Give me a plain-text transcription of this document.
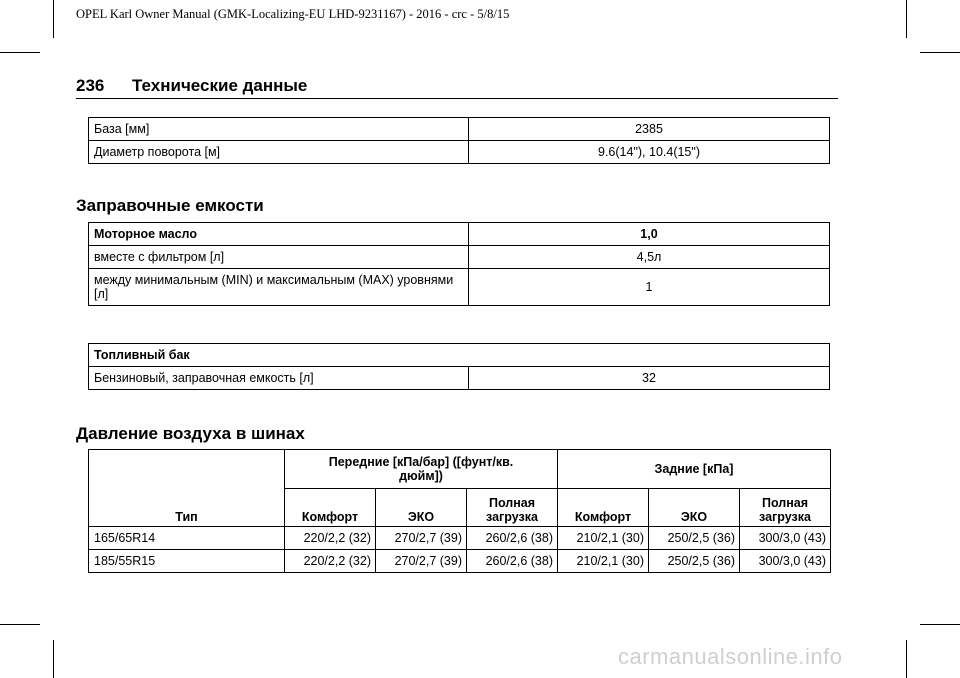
OPEL Karl Owner Manual (GMK-Localizing-EU LHD-9231167) - 2016 - crc - 5/8/15
236 Технические данные
База [мм]	2385
Диаметр поворота [м]	9.6(14"), 10.4(15")
Заправочные емкости
Моторное масло	1,0
вместе с фильтром [л]	4,5л
между минимальным (MIN) и максимальным (MAX) уровнями [л]	1
Топливный бак
Бензиновый, заправочная емкость [л]	32
Давление воздуха в шинах
Тип	Передние [кПа/бар] ([фунт/кв. дюйм])			Задние [кПа]		
	Комфорт	ЭКО	Полная загрузка	Комфорт	ЭКО	Полная загрузка
165/65R14	220/2,2 (32)	270/2,7 (39)	260/2,6 (38)	210/2,1 (30)	250/2,5 (36)	300/3,0 (43)
185/55R15	220/2,2 (32)	270/2,7 (39)	260/2,6 (38)	210/2,1 (30)	250/2,5 (36)	300/3,0 (43)
carmanualsonline.info
